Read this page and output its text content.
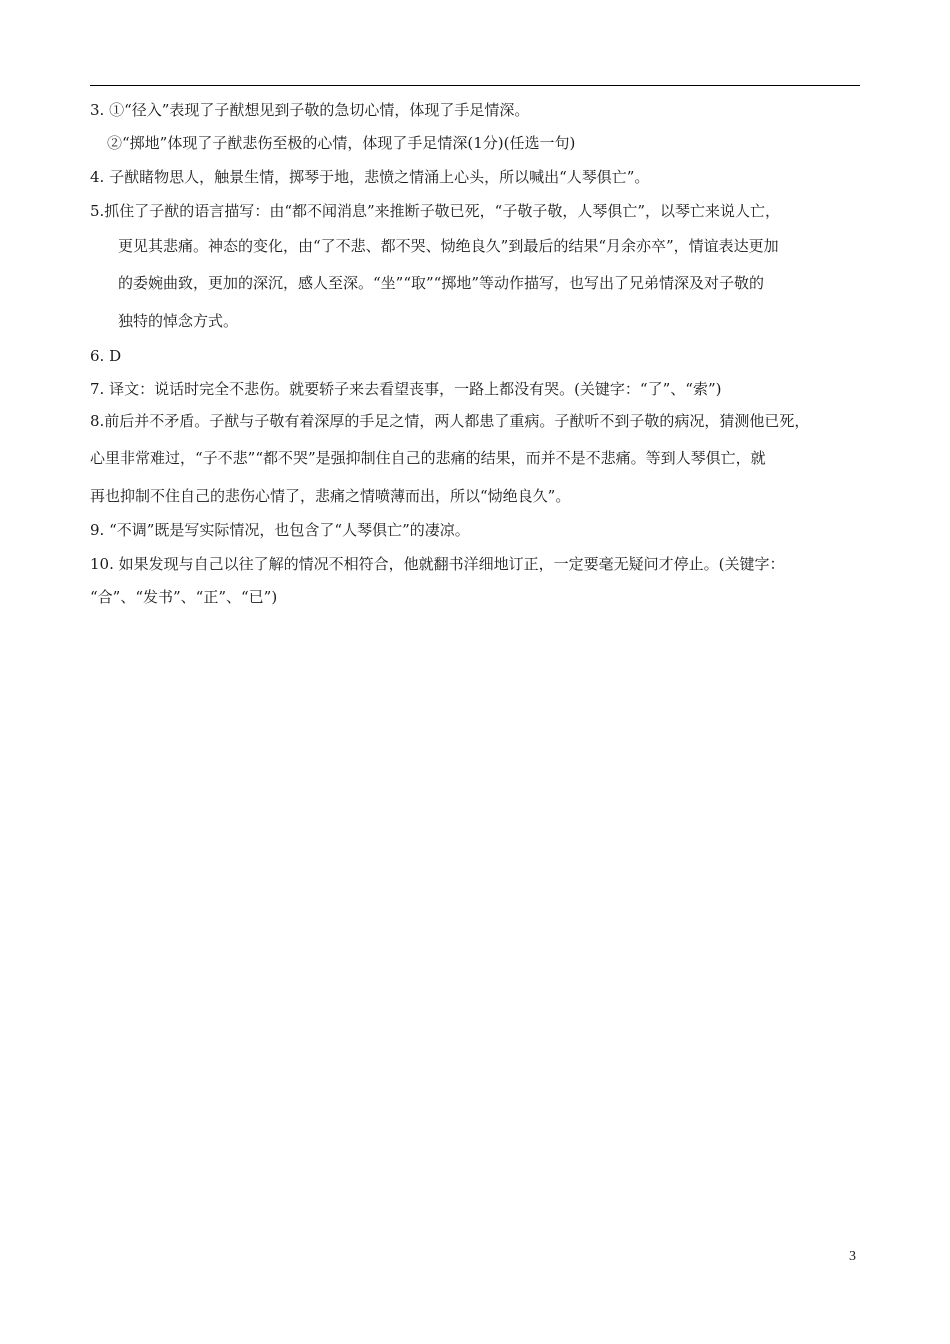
3. ①“径入”表现了子猷想见到子敬的急切心情，体现了手足情深。
②“掷地”体现了子猷悲伤至极的心情，体现了手足情深(1分)(任选一句)
4. 子猷睹物思人，触景生情，掷琴于地，悲愤之情涌上心头，所以喊出“人琴俱亡”。
5.抓住了子猷的语言描写：由“都不闻消息”来推断子敬已死，“子敬子敬，人琴俱亡”，以琴亡来说人亡，
更见其悲痛。神态的变化，由“了不悲、都不哭、恸绝良久”到最后的结果“月余亦卒”，情谊表达更加
的委婉曲致，更加的深沉，感人至深。“坐”“取”“掷地”等动作描写，也写出了兄弟情深及对子敬的
独特的悼念方式。
6. D
7. 译文：说话时完全不悲伤。就要轿子来去看望丧事，一路上都没有哭。(关键字：“了”、“索”)
8.前后并不矛盾。子猷与子敬有着深厚的手足之情，两人都患了重病。子猷听不到子敬的病况，猜测他已死，
心里非常难过，“子不悲”“都不哭”是强抑制住自己的悲痛的结果，而并不是不悲痛。等到人琴俱亡，就
再也抑制不住自己的悲伤心情了，悲痛之情喷薄而出，所以“恸绝良久”。
9. “不调”既是写实际情况，也包含了“人琴俱亡”的凄凉。
10. 如果发现与自己以往了解的情况不相符合，他就翻书洋细地订正，一定要毫无疑问才停止。(关键字：
“合”、“发书”、“正”、“已”)
3
